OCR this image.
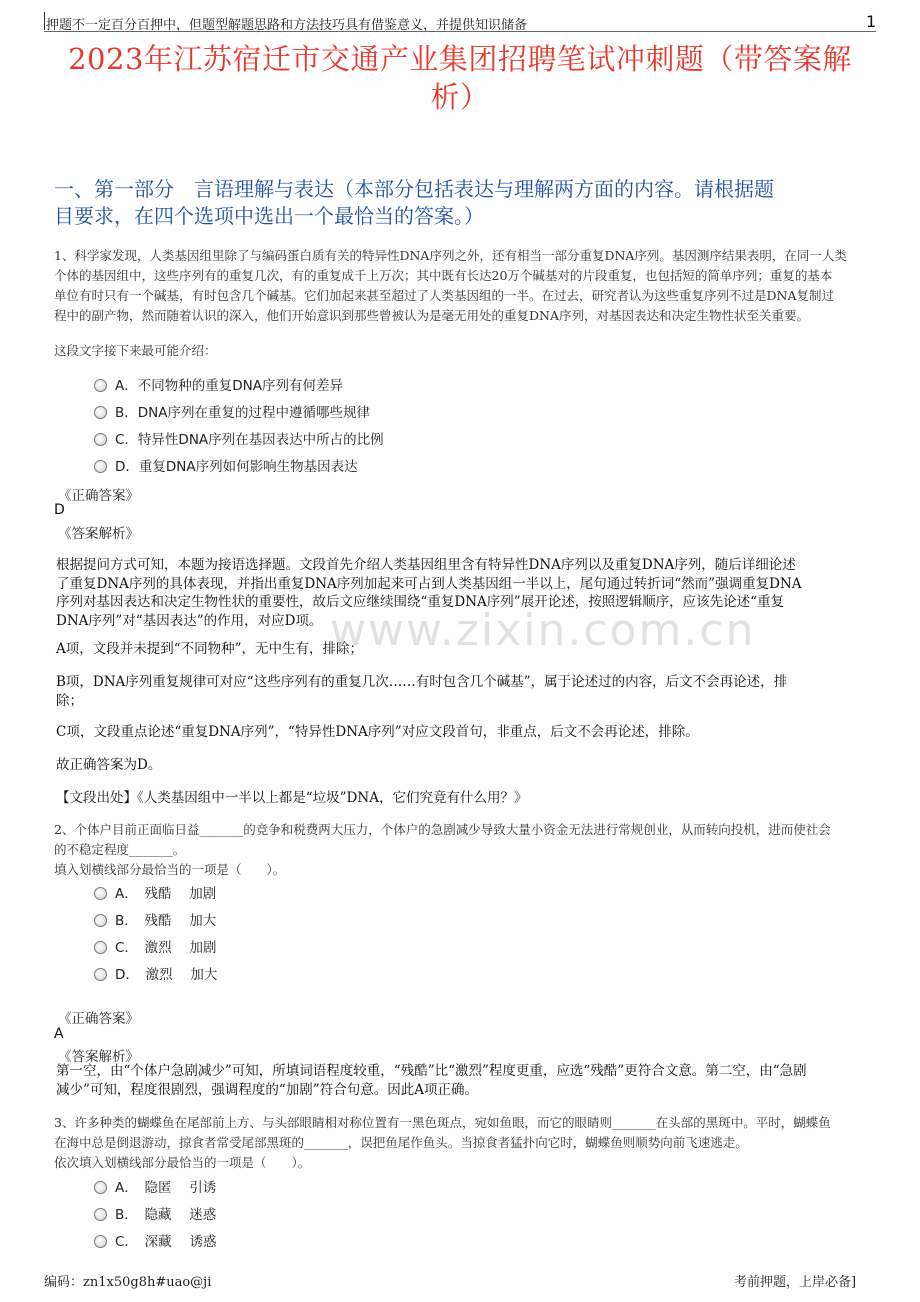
押题不一定百分百押中，但题型解题思路和方法技巧具有借鉴意义，并提供知识储备	1
2023年江苏宿迁市交通产业集团招聘笔试冲刺题（带答案解
析）
一、第一部分　言语理解与表达（本部分包括表达与理解两方面的内容。请根据题
目要求，在四个选项中选出一个最恰当的答案。）
1、科学家发现，人类基因组里除了与编码蛋白质有关的特异性DNA序列之外，还有相当一部分重复DNA序列。基因测序结果表明，在同一人类
个体的基因组中，这些序列有的重复几次，有的重复成千上万次；其中既有长达20万个碱基对的片段重复，也包括短的简单序列；重复的基本
单位有时只有一个碱基，有时包含几个碱基。它们加起来甚至超过了人类基因组的一半。在过去，研究者认为这些重复序列不过是DNA复制过
程中的副产物，然而随着认识的深入，他们开始意识到那些曾被认为是毫无用处的重复DNA序列，对基因表达和决定生物性状至关重要。
这段文字接下来最可能介绍：
A．不同物种的重复DNA序列有何差异
B．DNA序列在重复的过程中遵循哪些规律
C．特异性DNA序列在基因表达中所占的比例
D．重复DNA序列如何影响生物基因表达
《正确答案》
D
《答案解析》
根据提问方式可知，本题为接语选择题。文段首先介绍人类基因组里含有特异性DNA序列以及重复DNA序列，随后详细论述
了重复DNA序列的具体表现，并指出重复DNA序列加起来可占到人类基因组一半以上，尾句通过转折词“然而”强调重复DNA
序列对基因表达和决定生物性状的重要性，故后文应继续围绕“重复DNA序列”展开论述，按照逻辑顺序，应该先论述“重复
DNA序列”对“基因表达”的作用，对应D项。
A项，文段并未提到“不同物种”，无中生有，排除；
B项，DNA序列重复规律可对应“这些序列有的重复几次……有时包含几个碱基”，属于论述过的内容，后文不会再论述，排
除；
C项，文段重点论述“重复DNA序列”，“特异性DNA序列”对应文段首句，非重点，后文不会再论述，排除。
故正确答案为D。
【文段出处】《人类基因组中一半以上都是“垃圾”DNA，它们究竟有什么用？》
www.zixin.com.cn
2、个体户目前正面临日益_______的竞争和税费两大压力，个体户的急剧减少导致大量小资金无法进行常规创业，从而转向投机，进而使社会
的不稳定程度_______。
填入划横线部分最恰当的一项是（　　）。
A．　残酷　 加剧
B．　残酷　 加大
C．　激烈　 加剧
D．　激烈　 加大
《正确答案》
A
《答案解析》
第一空，由“个体户急剧减少”可知，所填词语程度较重，“残酷”比“激烈”程度更重，应选“残酷”更符合文意。第二空，由“急剧
减少”可知，程度很剧烈，强调程度的“加剧”符合句意。因此A项正确。
3、许多种类的蝴蝶鱼在尾部前上方、与头部眼睛相对称位置有一黑色斑点，宛如鱼眼，而它的眼睛则_______在头部的黑斑中。平时，蝴蝶鱼
在海中总是倒退游动，掠食者常受尾部黑斑的_______，误把鱼尾作鱼头。当掠食者猛扑向它时，蝴蝶鱼则顺势向前飞速逃走。
依次填入划横线部分最恰当的一项是（　　）。
A．　隐匿　 引诱
B．　隐藏　 迷惑
C．　深藏　 诱惑
编码：zn1x50g8h#uao@ji	考前押题，上岸必备]
